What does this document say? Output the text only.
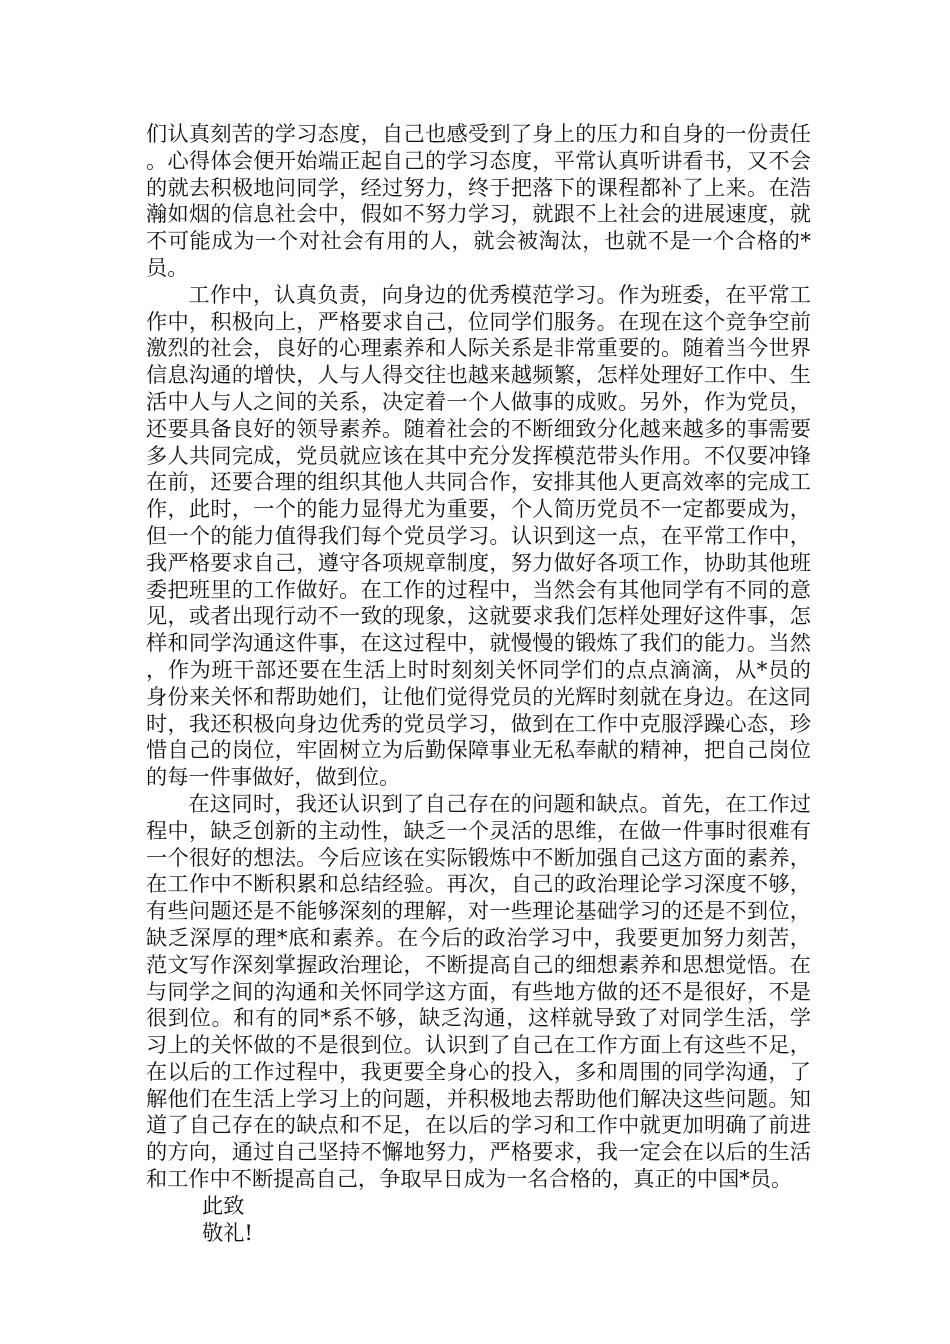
们认真刻苦的学习态度，自己也感受到了身上的压力和自身的一份责任。心得体会便开始端正起自己的学习态度，平常认真听讲看书，又不会的就去积极地问同学，经过努力，终于把落下的课程都补了上来。在浩瀚如烟的信息社会中，假如不努力学习，就跟不上社会的进展速度，就不可能成为一个对社会有用的人，就会被淘汰，也就不是一个合格的*员。

工作中，认真负责，向身边的优秀模范学习。作为班委，在平常工作中，积极向上，严格要求自己，位同学们服务。在现在这个竞争空前激烈的社会，良好的心理素养和人际关系是非常重要的。随着当今世界信息沟通的增快，人与人得交往也越来越频繁，怎样处理好工作中、生活中人与人之间的关系，决定着一个人做事的成败。另外，作为党员，还要具备良好的领导素养。随着社会的不断细致分化越来越多的事需要多人共同完成，党员就应该在其中充分发挥模范带头作用。不仅要冲锋在前，还要合理的组织其他人共同合作，安排其他人更高效率的完成工作，此时，一个的能力显得尤为重要，个人简历党员不一定都要成为，但一个的能力值得我们每个党员学习。认识到这一点，在平常工作中，我严格要求自己，遵守各项规章制度，努力做好各项工作，协助其他班委把班里的工作做好。在工作的过程中，当然会有其他同学有不同的意见，或者出现行动不一致的现象，这就要求我们怎样处理好这件事，怎样和同学沟通这件事，在这过程中，就慢慢的锻炼了我们的能力。当然，作为班干部还要在生活上时时刻刻关怀同学们的点点滴滴，从*员的身份来关怀和帮助她们，让他们觉得党员的光辉时刻就在身边。在这同时，我还积极向身边优秀的党员学习，做到在工作中克服浮躁心态，珍惜自己的岗位，牢固树立为后勤保障事业无私奉献的精神，把自己岗位的每一件事做好，做到位。

在这同时，我还认识到了自己存在的问题和缺点。首先，在工作过程中，缺乏创新的主动性，缺乏一个灵活的思维，在做一件事时很难有一个很好的想法。今后应该在实际锻炼中不断加强自己这方面的素养，在工作中不断积累和总结经验。再次，自己的政治理论学习深度不够，有些问题还是不能够深刻的理解，对一些理论基础学习的还是不到位，缺乏深厚的理*底和素养。在今后的政治学习中，我要更加努力刻苦，范文写作深刻掌握政治理论，不断提高自己的细想素养和思想觉悟。在与同学之间的沟通和关怀同学这方面，有些地方做的还不是很好，不是很到位。和有的同*系不够，缺乏沟通，这样就导致了对同学生活，学习上的关怀做的不是很到位。认识到了自己在工作方面上有这些不足，在以后的工作过程中，我更要全身心的投入，多和周围的同学沟通，了解他们在生活上学习上的问题，并积极地去帮助他们解决这些问题。知道了自己存在的缺点和不足，在以后的学习和工作中就更加明确了前进的方向，通过自己坚持不懈地努力，严格要求，我一定会在以后的生活和工作中不断提高自己，争取早日成为一名合格的，真正的中国*员。

此致

敬礼!
